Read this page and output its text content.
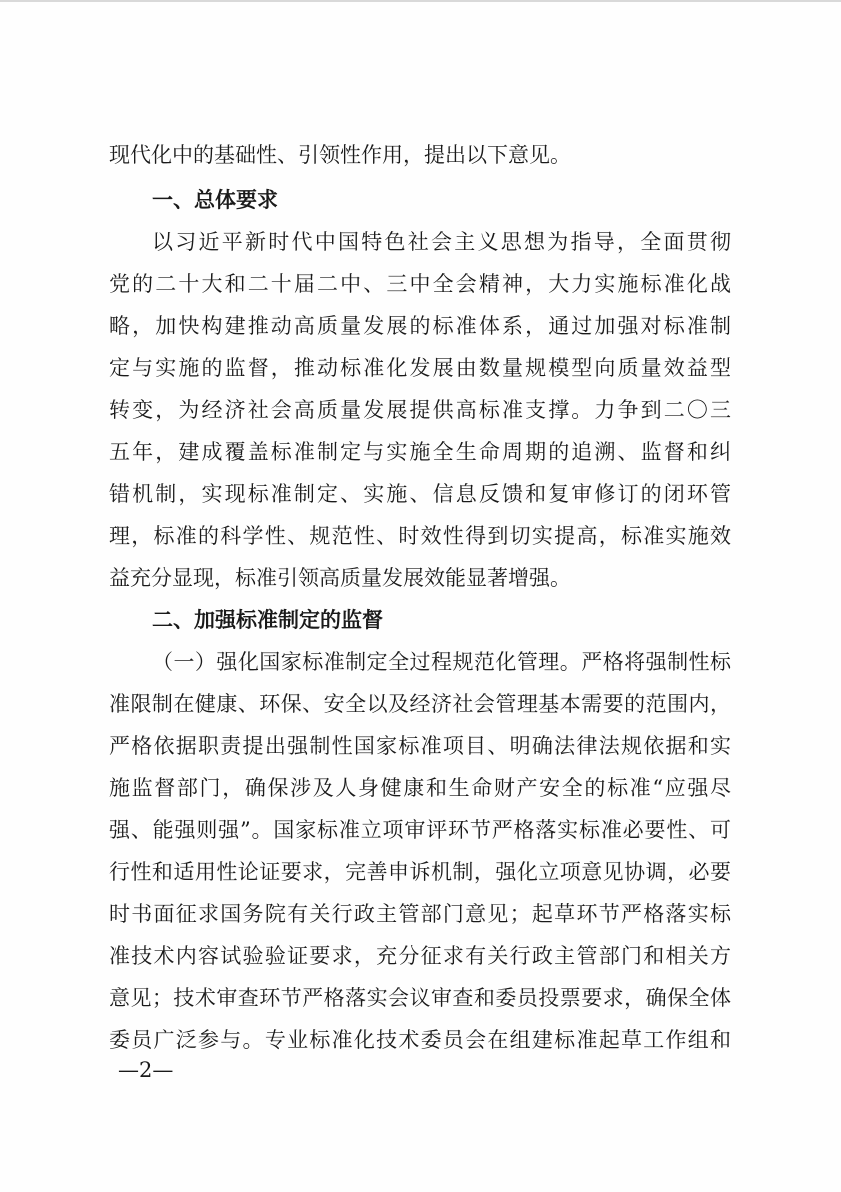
现代化中的基础性、引领性作用，提出以下意见。
一、总体要求
以习近平新时代中国特色社会主义思想为指导，全面贯彻
党的二十大和二十届二中、三中全会精神，大力实施标准化战
略，加快构建推动高质量发展的标准体系，通过加强对标准制
定与实施的监督，推动标准化发展由数量规模型向质量效益型
转变，为经济社会高质量发展提供高标准支撑。力争到二〇三
五年，建成覆盖标准制定与实施全生命周期的追溯、监督和纠
错机制，实现标准制定、实施、信息反馈和复审修订的闭环管
理，标准的科学性、规范性、时效性得到切实提高，标准实施效
益充分显现，标准引领高质量发展效能显著增强。
二、加强标准制定的监督
（一）强化国家标准制定全过程规范化管理。严格将强制性标
准限制在健康、环保、安全以及经济社会管理基本需要的范围内，
严格依据职责提出强制性国家标准项目、明确法律法规依据和实
施监督部门，确保涉及人身健康和生命财产安全的标准“应强尽
强、能强则强”。国家标准立项审评环节严格落实标准必要性、可
行性和适用性论证要求，完善申诉机制，强化立项意见协调，必要
时书面征求国务院有关行政主管部门意见；起草环节严格落实标
准技术内容试验验证要求，充分征求有关行政主管部门和相关方
意见；技术审查环节严格落实会议审查和委员投票要求，确保全体
委员广泛参与。专业标准化技术委员会在组建标准起草工作组和
—2—
